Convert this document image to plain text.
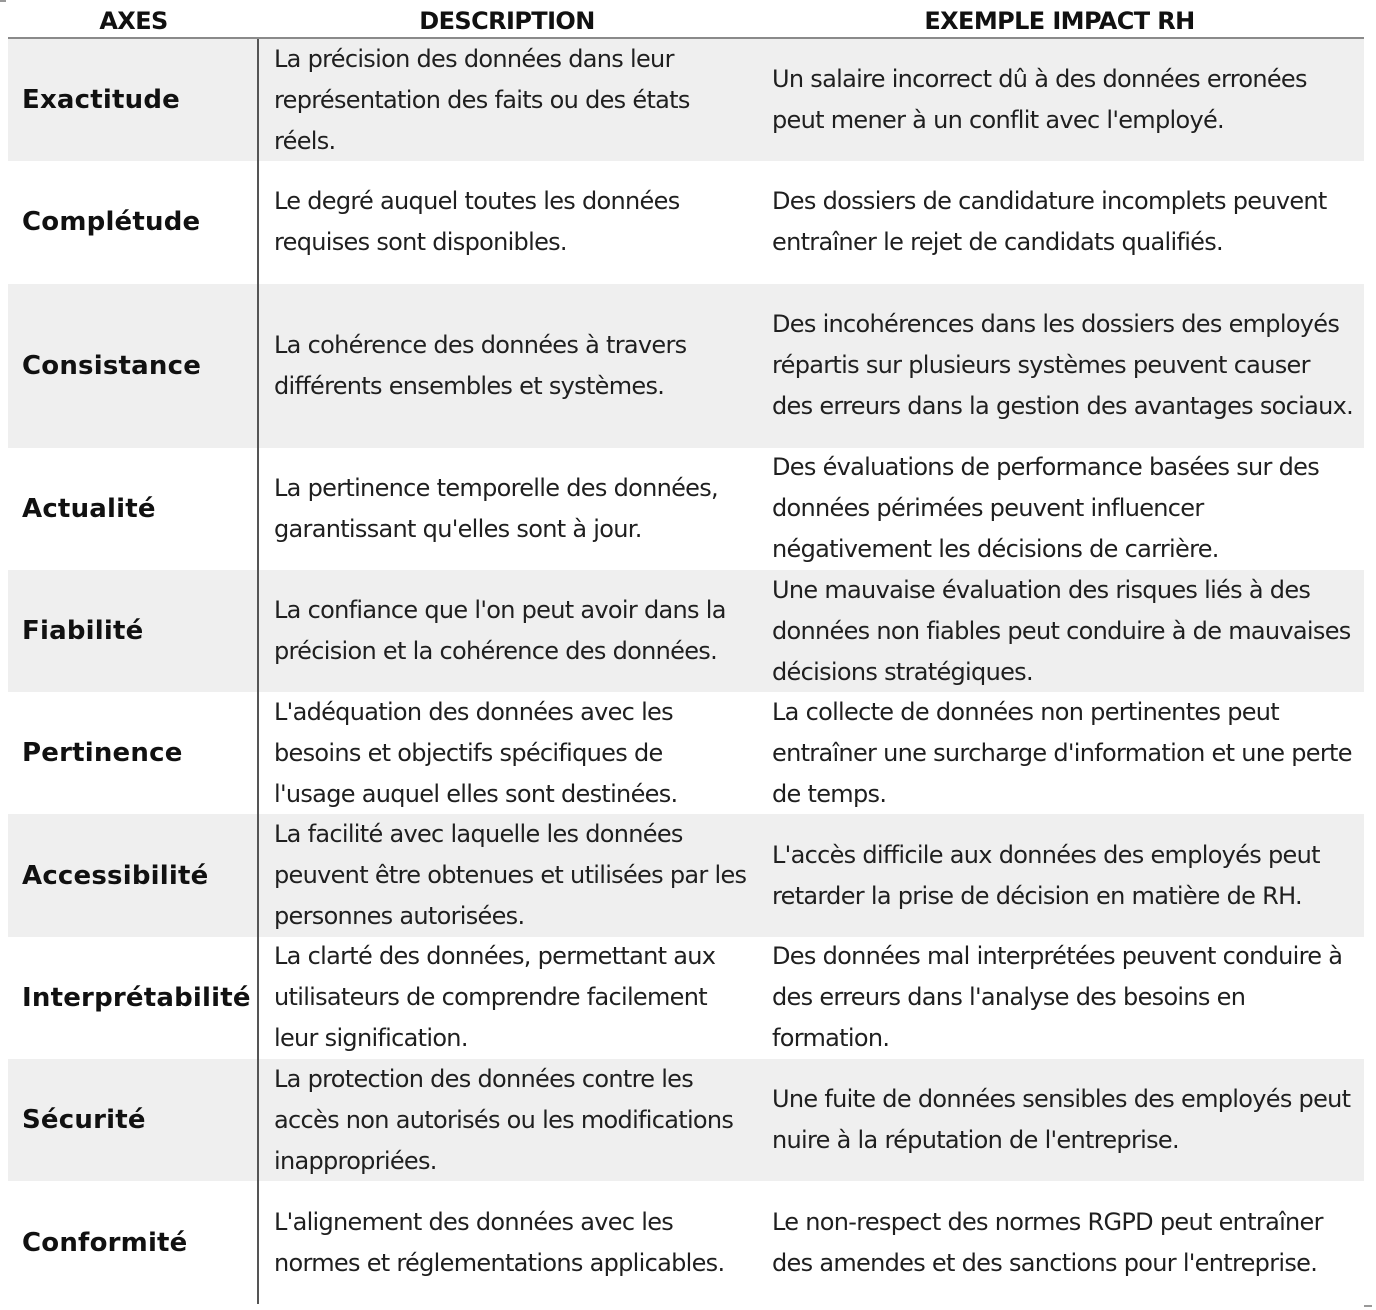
AXES	DESCRIPTION	EXEMPLE IMPACT RH
Exactitude
La précision des données dans leur représentation des faits ou des états réels.
Un salaire incorrect dû à des données erronées peut mener à un conflit avec l'employé.
Complétude
Le degré auquel toutes les données requises sont disponibles.
Des dossiers de candidature incomplets peuvent entraîner le rejet de candidats qualifiés.
Consistance
La cohérence des données à travers différents ensembles et systèmes.
Des incohérences dans les dossiers des employés répartis sur plusieurs systèmes peuvent causer des erreurs dans la gestion des avantages sociaux.
Actualité
La pertinence temporelle des données, garantissant qu'elles sont à jour.
Des évaluations de performance basées sur des données périmées peuvent influencer négativement les décisions de carrière.
Fiabilité
La confiance que l'on peut avoir dans la précision et la cohérence des données.
Une mauvaise évaluation des risques liés à des données non fiables peut conduire à de mauvaises décisions stratégiques.
Pertinence
L'adéquation des données avec les besoins et objectifs spécifiques de l'usage auquel elles sont destinées.
La collecte de données non pertinentes peut entraîner une surcharge d'information et une perte de temps.
Accessibilité
La facilité avec laquelle les données peuvent être obtenues et utilisées par les personnes autorisées.
L'accès difficile aux données des employés peut retarder la prise de décision en matière de RH.
Interprétabilité
La clarté des données, permettant aux utilisateurs de comprendre facilement leur signification.
Des données mal interprétées peuvent conduire à des erreurs dans l'analyse des besoins en formation.
Sécurité
La protection des données contre les accès non autorisés ou les modifications inappropriées.
Une fuite de données sensibles des employés peut nuire à la réputation de l'entreprise.
Conformité
L'alignement des données avec les normes et réglementations applicables.
Le non-respect des normes RGPD peut entraîner des amendes et des sanctions pour l'entreprise.
